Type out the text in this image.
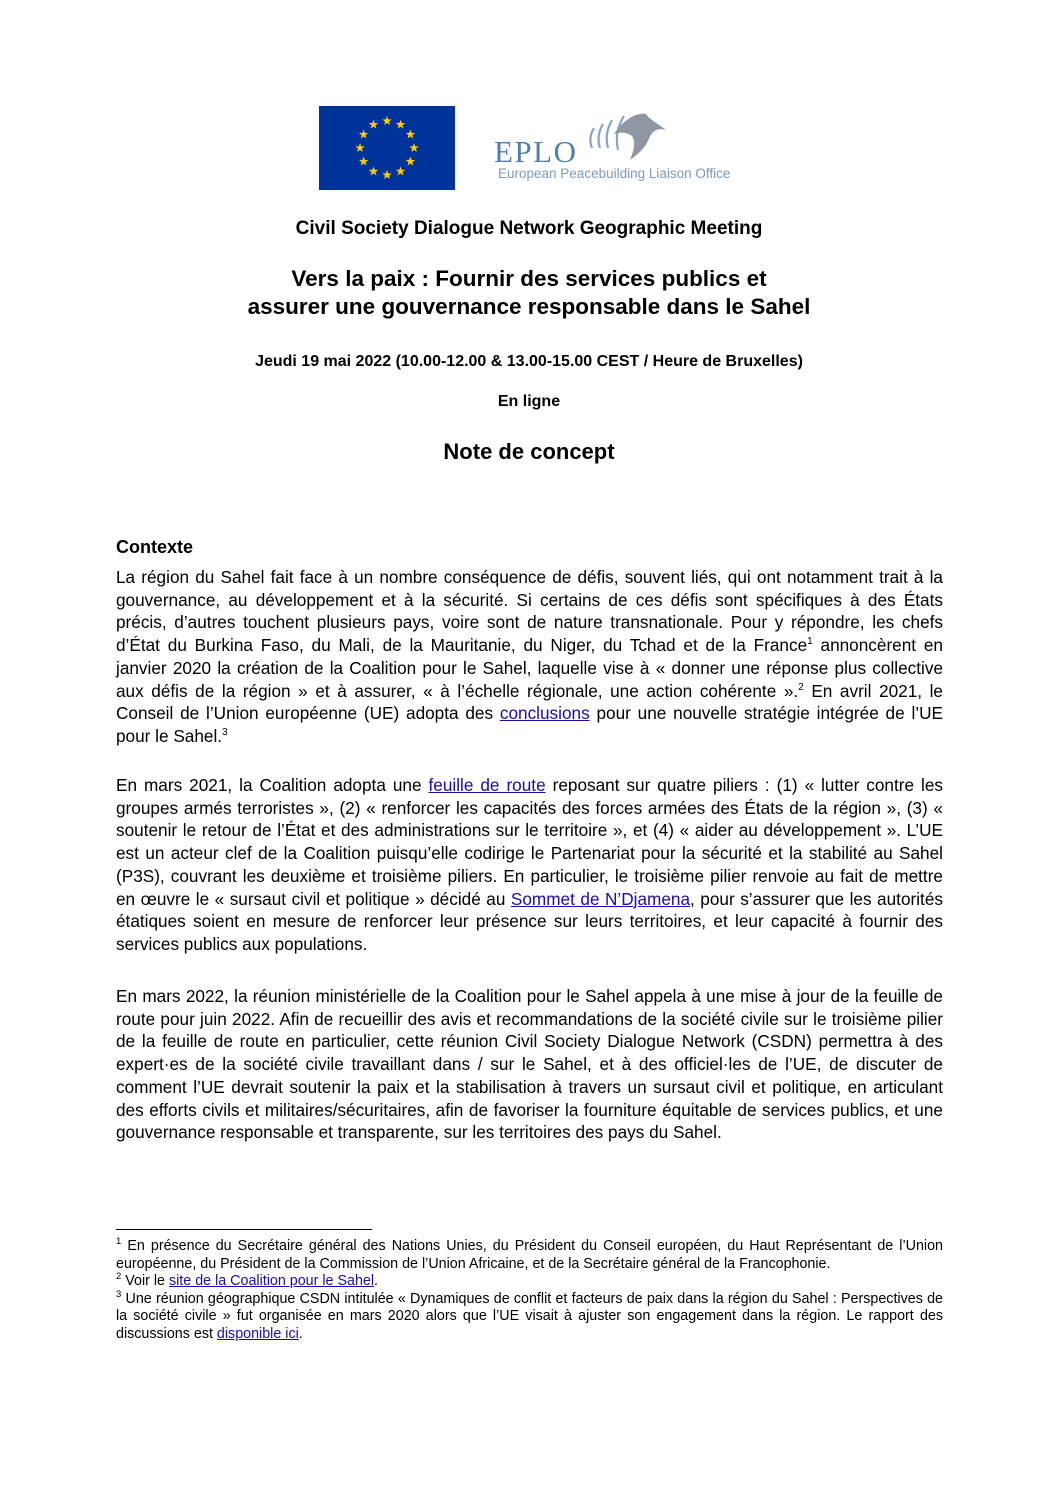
EPLO
European Peacebuilding Liaison Office
Civil Society Dialogue Network Geographic Meeting
Vers la paix : Fournir des services publics et
assurer une gouvernance responsable dans le Sahel
Jeudi 19 mai 2022 (10.00-12.00 & 13.00-15.00 CEST / Heure de Bruxelles)
En ligne
Note de concept
Contexte

La région du Sahel fait face à un nombre conséquence de défis, souvent liés, qui ont notamment trait à la gouvernance, au développement et à la sécurité. Si certains de ces défis sont spécifiques à des États précis, d’autres touchent plusieurs pays, voire sont de nature transnationale. Pour y répondre, les chefs d’État du Burkina Faso, du Mali, de la Mauritanie, du Niger, du Tchad et de la France$^1$ annoncèrent en janvier 2020 la création de la Coalition pour le Sahel, laquelle vise à « donner une réponse plus collective aux défis de la région » et à assurer, « à l’échelle régionale, une action cohérente ».$^2$ En avril 2021, le Conseil de l’Union européenne (UE) adopta des conclusions pour une nouvelle stratégie intégrée de l’UE pour le Sahel.$^3$

En mars 2021, la Coalition adopta une feuille de route reposant sur quatre piliers : (1) « lutter contre les groupes armés terroristes », (2) « renforcer les capacités des forces armées des États de la région », (3) « soutenir le retour de l’État et des administrations sur le territoire », et (4) « aider au développement ». L’UE est un acteur clef de la Coalition puisqu’elle codirige le Partenariat pour la sécurité et la stabilité au Sahel (P3S), couvrant les deuxième et troisième piliers. En particulier, le troisième pilier renvoie au fait de mettre en œuvre le « sursaut civil et politique » décidé au Sommet de N’Djamena, pour s’assurer que les autorités étatiques soient en mesure de renforcer leur présence sur leurs territoires, et leur capacité à fournir des services publics aux populations.

En mars 2022, la réunion ministérielle de la Coalition pour le Sahel appela à une mise à jour de la feuille de route pour juin 2022. Afin de recueillir des avis et recommandations de la société civile sur le troisième pilier de la feuille de route en particulier, cette réunion Civil Society Dialogue Network (CSDN) permettra à des expert·es de la société civile travaillant dans / sur le Sahel, et à des officiel·les de l’UE, de discuter de comment l’UE devrait soutenir la paix et la stabilisation à travers un sursaut civil et politique, en articulant des efforts civils et militaires/sécuritaires, afin de favoriser la fourniture équitable de services publics, et une gouvernance responsable et transparente, sur les territoires des pays du Sahel.

$^1$ En présence du Secrétaire général des Nations Unies, du Président du Conseil européen, du Haut Représentant de l’Union européenne, du Président de la Commission de l’Union Africaine, et de la Secrétaire général de la Francophonie.

$^2$ Voir le site de la Coalition pour le Sahel.

$^3$ Une réunion géographique CSDN intitulée « Dynamiques de conflit et facteurs de paix dans la région du Sahel : Perspectives de la société civile » fut organisée en mars 2020 alors que l’UE visait à ajuster son engagement dans la région. Le rapport des discussions est disponible ici.
